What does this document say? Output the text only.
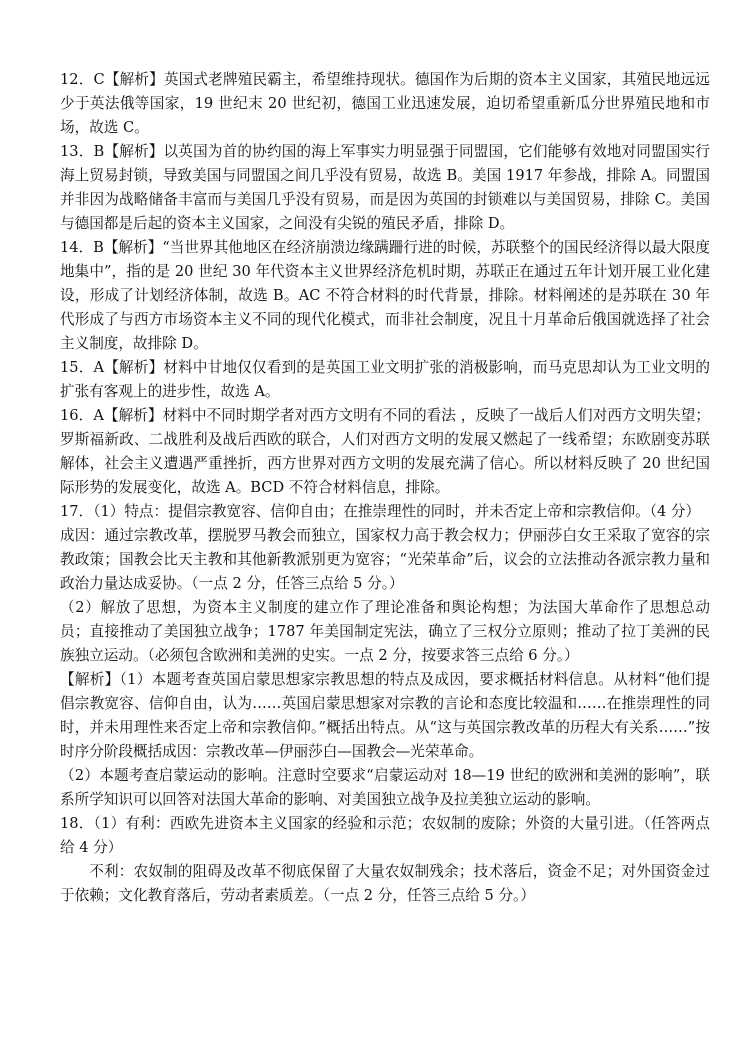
12．C【解析】英国式老牌殖民霸主，希望维持现状。德国作为后期的资本主义国家，其殖民地远远少于英法俄等国家，19 世纪末 20 世纪初，德国工业迅速发展，迫切希望重新瓜分世界殖民地和市场，故选 C。

13．B【解析】以英国为首的协约国的海上军事实力明显强于同盟国，它们能够有效地对同盟国实行海上贸易封锁，导致美国与同盟国之间几乎没有贸易，故选 B。美国 1917 年参战，排除 A。同盟国并非因为战略储备丰富而与美国几乎没有贸易，而是因为英国的封锁难以与美国贸易，排除 C。美国与德国都是后起的资本主义国家，之间没有尖锐的殖民矛盾，排除 D。

14．B【解析】“当世界其他地区在经济崩溃边缘蹒跚行进的时候，苏联整个的国民经济得以最大限度地集中”，指的是 20 世纪 30 年代资本主义世界经济危机时期，苏联正在通过五年计划开展工业化建设，形成了计划经济体制，故选 B。AC 不符合材料的时代背景，排除。材料阐述的是苏联在 30 年代形成了与西方市场资本主义不同的现代化模式，而非社会制度，况且十月革命后俄国就选择了社会主义制度，故排除 D。

15．A【解析】材料中甘地仅仅看到的是英国工业文明扩张的消极影响，而马克思却认为工业文明的扩张有客观上的进步性，故选 A。

16．A【解析】材料中不同时期学者对西方文明有不同的看法 ，反映了一战后人们对西方文明失望；罗斯福新政、二战胜利及战后西欧的联合，人们对西方文明的发展又燃起了一线希望；东欧剧变苏联解体，社会主义遭遇严重挫折，西方世界对西方文明的发展充满了信心。所以材料反映了 20 世纪国际形势的发展变化，故选 A。BCD 不符合材料信息，排除。

17．（1）特点：提倡宗教宽容、信仰自由；在推崇理性的同时，并未否定上帝和宗教信仰。（4 分）

成因：通过宗教改革，摆脱罗马教会而独立，国家权力高于教会权力；伊丽莎白女王采取了宽容的宗教政策；国教会比天主教和其他新教派别更为宽容；“光荣革命”后，议会的立法推动各派宗教力量和政治力量达成妥协。（一点 2 分，任答三点给 5 分。）

（2）解放了思想，为资本主义制度的建立作了理论准备和舆论构想；为法国大革命作了思想总动员；直接推动了美国独立战争；1787 年美国制定宪法，确立了三权分立原则；推动了拉丁美洲的民族独立运动。（必须包含欧洲和美洲的史实。一点 2 分，按要求答三点给 6 分。）

【解析】（1）本题考查英国启蒙思想家宗教思想的特点及成因，要求概括材料信息。从材料“他们提倡宗教宽容、信仰自由，认为……英国启蒙思想家对宗教的言论和态度比较温和……在推崇理性的同时，并未用理性来否定上帝和宗教信仰。”概括出特点。从“这与英国宗教改革的历程大有关系……”按时序分阶段概括成因：宗教改革—伊丽莎白—国教会—光荣革命。

（2）本题考查启蒙运动的影响。注意时空要求“启蒙运动对 18—19 世纪的欧洲和美洲的影响”，联系所学知识可以回答对法国大革命的影响、对美国独立战争及拉美独立运动的影响。

18．（1）有利：西欧先进资本主义国家的经验和示范；农奴制的废除；外资的大量引进。（任答两点给 4 分）

不利：农奴制的阻碍及改革不彻底保留了大量农奴制残余；技术落后，资金不足；对外国资金过于依赖；文化教育落后，劳动者素质差。（一点 2 分，任答三点给 5 分。）
